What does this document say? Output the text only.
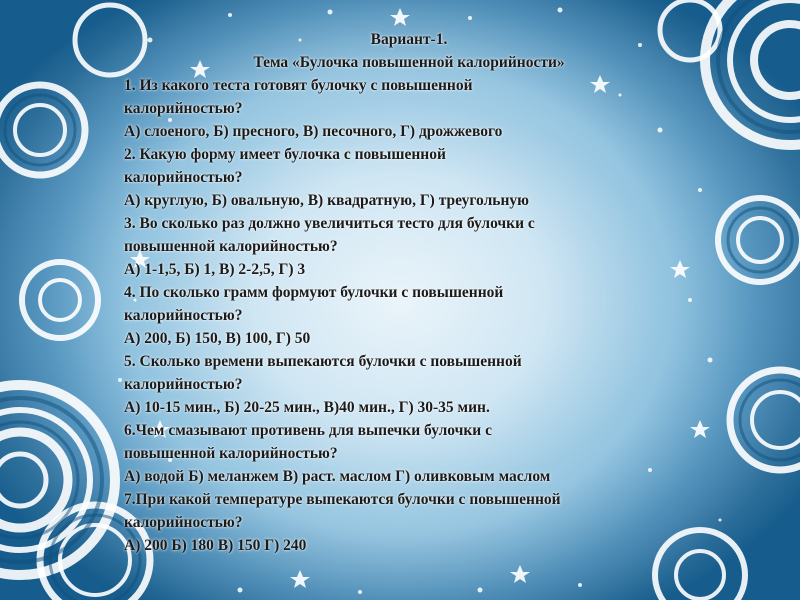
Вариант-1.

Тема «Булочка повышенной калорийности»

1. Из какого теста готовят булочку с повышенной

калорийностью?

А) слоеного, Б) пресного, В) песочного, Г) дрожжевого

2. Какую форму имеет булочка с повышенной

калорийностью?

А) круглую, Б) овальную, В) квадратную, Г) треугольную

3. Во сколько раз должно увеличиться тесто для булочки с

повышенной калорийностью?

А) 1-1,5, Б) 1, В) 2-2,5, Г) 3

4. По сколько грамм формуют булочки с повышенной

калорийностью?

А) 200, Б) 150, В) 100, Г) 50

5. Сколько времени выпекаются булочки с повышенной

калорийностью?

А) 10-15 мин., Б) 20-25 мин., В)40 мин., Г) 30-35 мин.

6.Чем смазывают противень для выпечки булочки с

повышенной калорийностью?

А) водой Б) меланжем В) раст. маслом Г) оливковым маслом

7.При какой температуре выпекаются булочки с повышенной

калорийностью?

А) 200 Б) 180 В) 150 Г) 240
